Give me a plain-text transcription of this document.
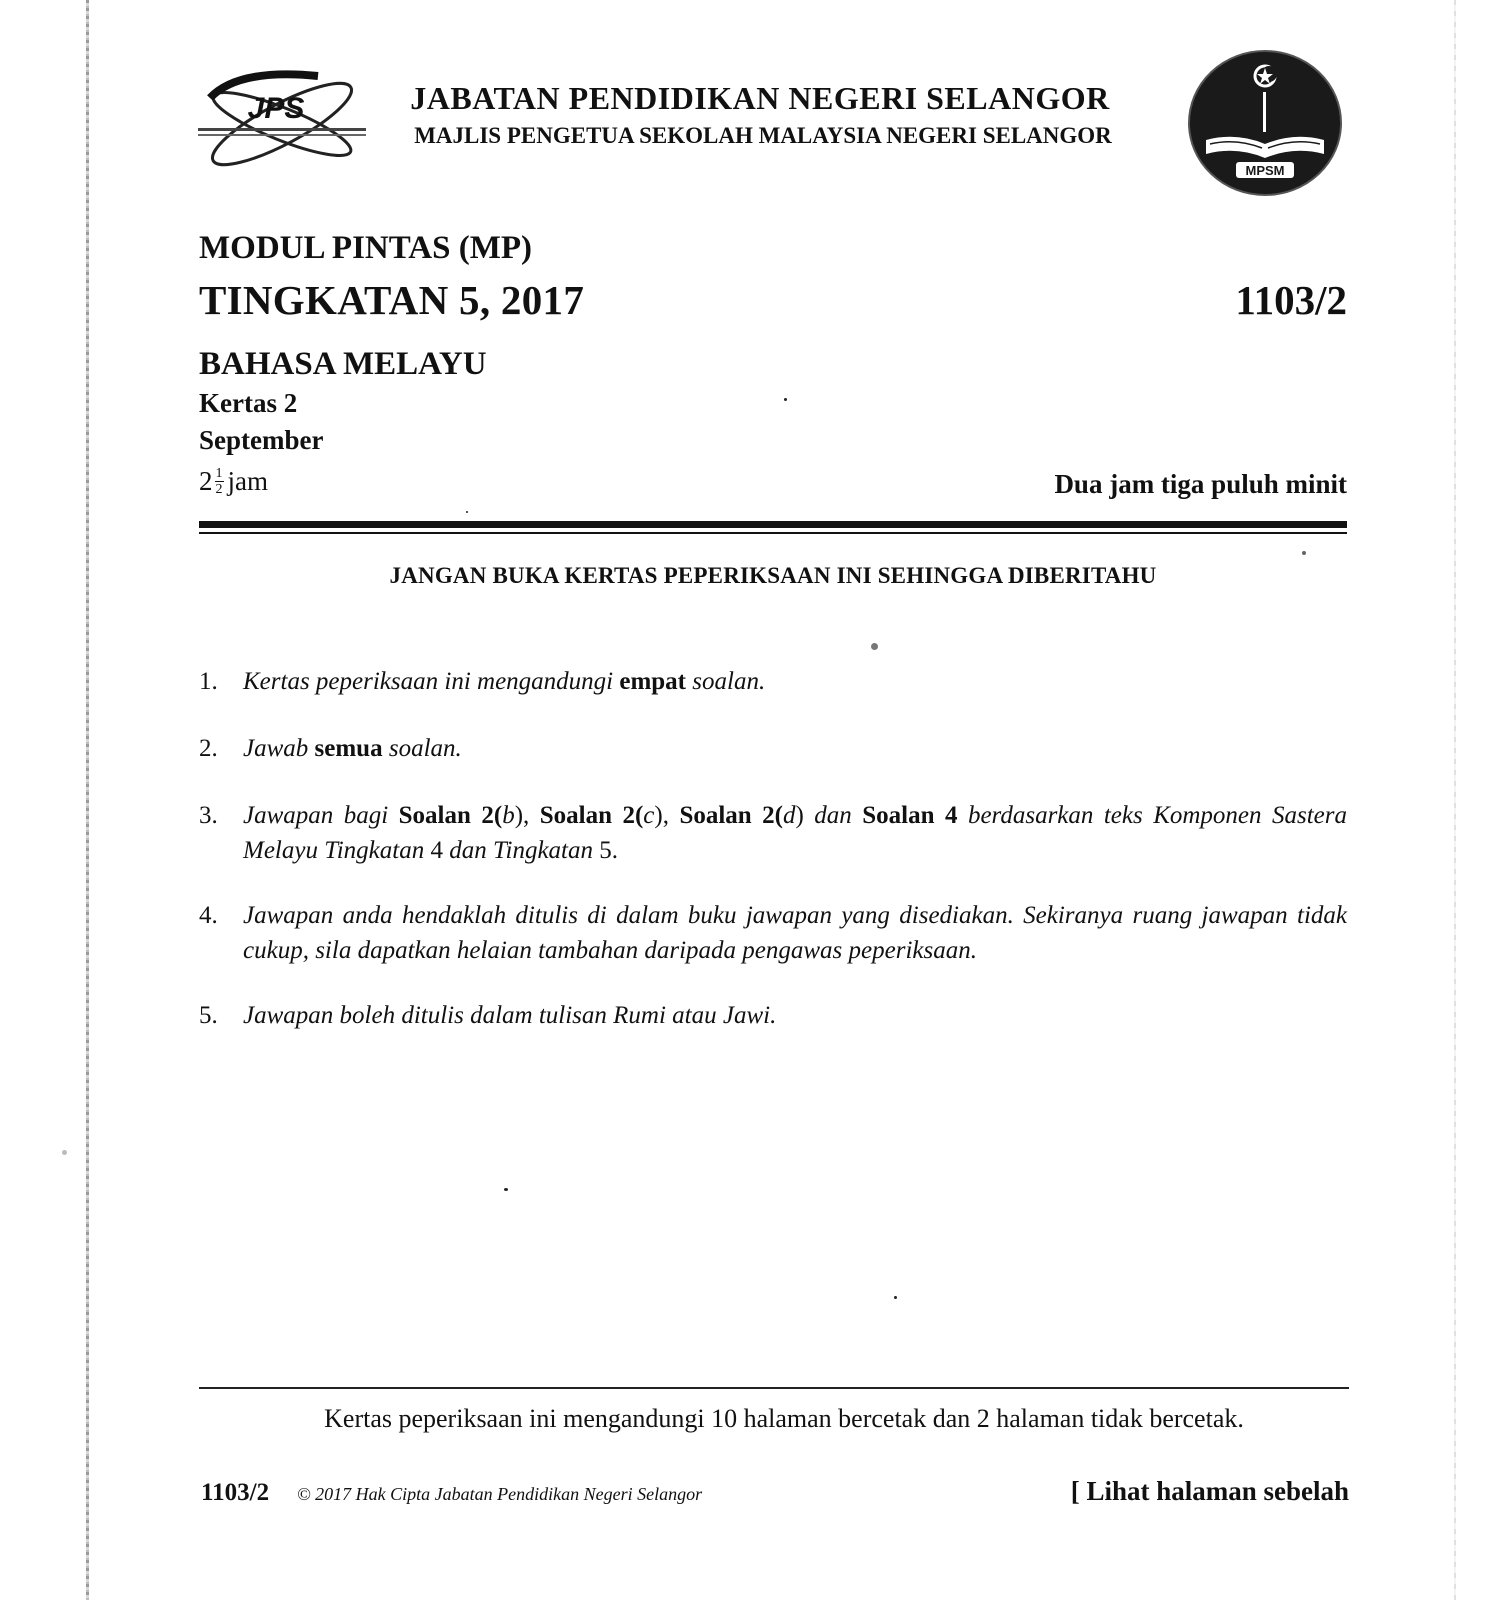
JPS	JABATAN PENDIDIKAN NEGERI SELANGOR
MAJLIS PENGETUA SEKOLAH MALAYSIA NEGERI SELANGOR
MPSM
MODUL PINTAS (MP)
TINGKATAN 5, 2017	1103/2
BAHASA MELAYU
Kertas 2
September
$2 \frac{1}{2}$ jam	Dua jam tiga puluh minit
JANGAN BUKA KERTAS PEPERIKSAAN INI SEHINGGA DIBERITAHU
1. Kertas peperiksaan ini mengandungi empat soalan.
2. Jawab semua soalan.
3. Jawapan bagi Soalan 2(b), Soalan 2(c), Soalan 2(d) dan Soalan 4 berdasarkan teks Komponen Sastera Melayu Tingkatan 4 dan Tingkatan 5.
4. Jawapan anda hendaklah ditulis di dalam buku jawapan yang disediakan. Sekiranya ruang jawapan tidak cukup, sila dapatkan helaian tambahan daripada pengawas peperiksaan.
5. Jawapan boleh ditulis dalam tulisan Rumi atau Jawi.
Kertas peperiksaan ini mengandungi 10 halaman bercetak dan 2 halaman tidak bercetak.
1103/2 © 2017 Hak Cipta Jabatan Pendidikan Negeri Selangor	[ Lihat halaman sebelah
